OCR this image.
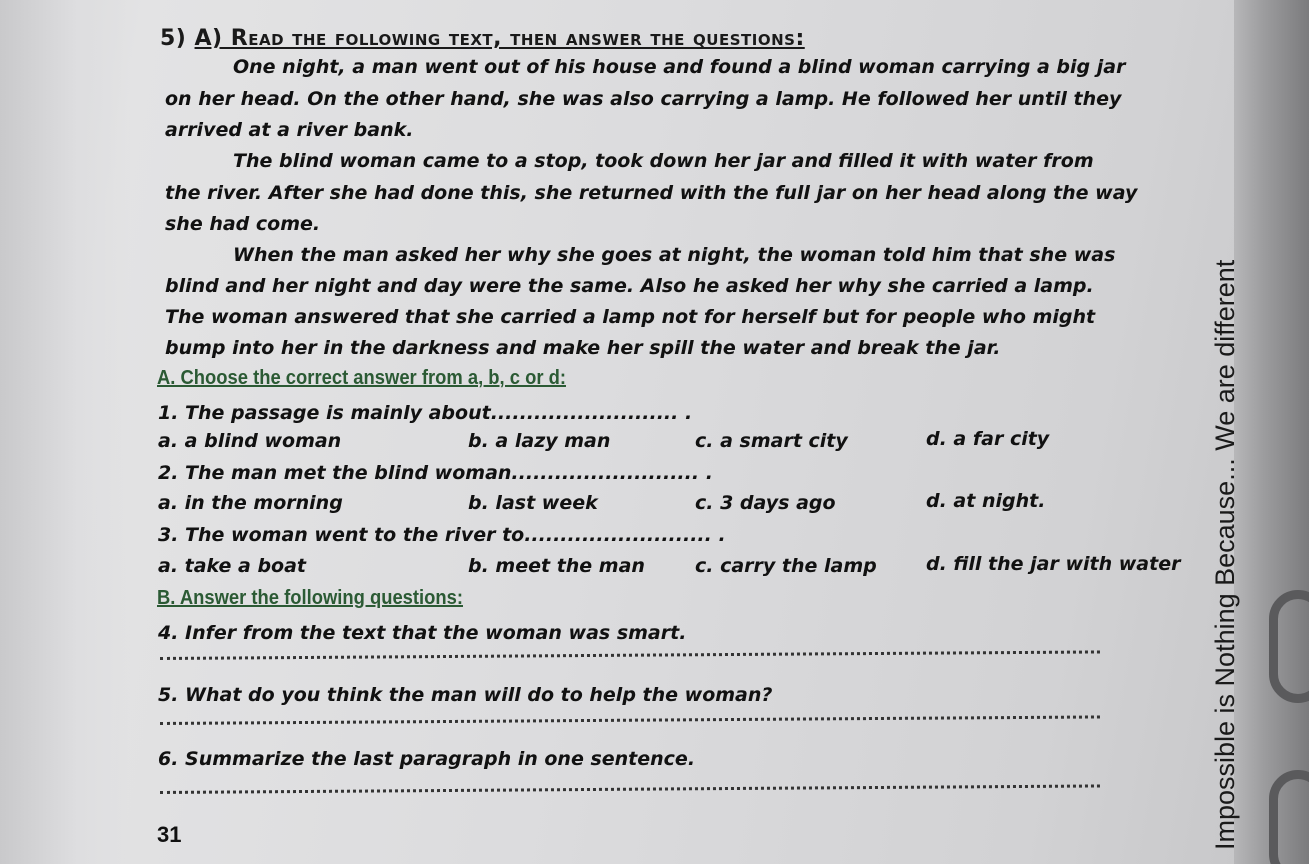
5) A) Read the following text, then answer the questions:
One night, a man went out of his house and found a blind woman carrying a big jar
on her head. On the other hand, she was also carrying a lamp. He followed her until they
arrived at a river bank.
The blind woman came to a stop, took down her jar and filled it with water from
the river. After she had done this, she returned with the full jar on her head along the way
she had come.
When the man asked her why she goes at night, the woman told him that she was
blind and her night and day were the same. Also he asked her why she carried a lamp.
The woman answered that she carried a lamp not for herself but for people who might
bump into her in the darkness and make her spill the water and break the jar.
A. Choose the correct answer from a, b, c or d:
1. The passage is mainly about.......................... .
a. a blind woman	b. a lazy man	c. a smart city	d. a far city
2. The man met the blind woman.......................... .
a. in the morning	b. last week	c. 3 days ago	d. at night.
3. The woman went to the river to.......................... .
a. take a boat	b. meet the man	c. carry the lamp	d. fill the jar with water
B. Answer the following questions:
4. Infer from the text that the woman was smart.
5. What do you think the man will do to help the woman?
6. Summarize the last paragraph in one sentence.
31	Impossible is Nothing Because... We are different
